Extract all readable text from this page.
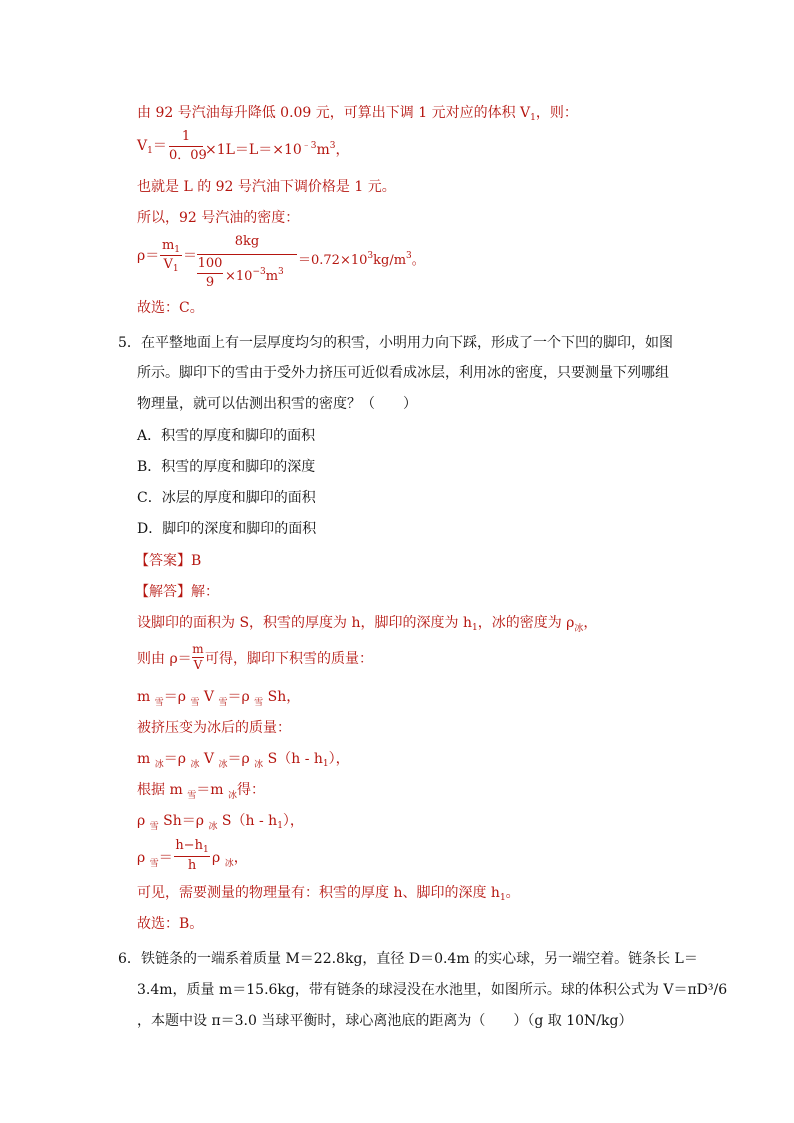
由 92 号汽油每升降低 0.09 元，可算出下调 1 元对应的体积 $V_1$，则：
$V_1=$
1
0．09
$\times 1L=L=\times 10^{﹣3}m^3$，
也就是 L 的 92 号汽油下调价格是 1 元。
所以，92 号汽油的密度：
ρ＝
$m_1$
$V_1$
＝
8kg
100
$9 \times 10^{-3}m^3$
$=0.72\times 10^3kg/m^3$。
故选：C。
5． 在平整地面上有一层厚度均匀的积雪，小明用力向下踩，形成了一个下凹的脚印，如图
所示。脚印下的雪由于受外力挤压可近似看成冰层，利用冰的密度，只要测量下列哪组
物理量，就可以估测出积雪的密度？（　　）
A．积雪的厚度和脚印的面积
B．积雪的厚度和脚印的深度
C．冰层的厚度和脚印的面积
D．脚印的深度和脚印的面积
【答案】B
【解答】解：
设脚印的面积为 S，积雪的厚度为 h，脚印的深度为 $h_1$，冰的密度为 $\rho_冰$，
则由 ρ＝
m
V 可得，脚印下积雪的质量：
m $_雪$＝ρ $_雪$ V $_雪$＝ρ $_雪$ Sh，
被挤压变为冰后的质量：
m $_冰$＝ρ $_冰$ V $_冰$＝ρ $_冰$ $S(h - h_1)$，
根据 m $_雪$＝m $_冰$得：
ρ $_雪$ Sh＝ρ $_冰$ $S(h - h_1)$，
ρ $_雪$＝
$h-h_1$
h	ρ $_冰$，
可见，需要测量的物理量有：积雪的厚度 h、脚印的深度 $h_1$。
故选：B。
6． 铁链条的一端系着质量 M＝22.8kg，直径 D＝0.4m 的实心球，另一端空着。链条长 L＝
3.4m，质量 m＝15.6kg，带有链条的球浸没在水池里，如图所示。球的体积公式为 V＝πD³/6
，本题中设 π＝3.0 当球平衡时，球心离池底的距离为（　　）（g 取 10N/kg）
